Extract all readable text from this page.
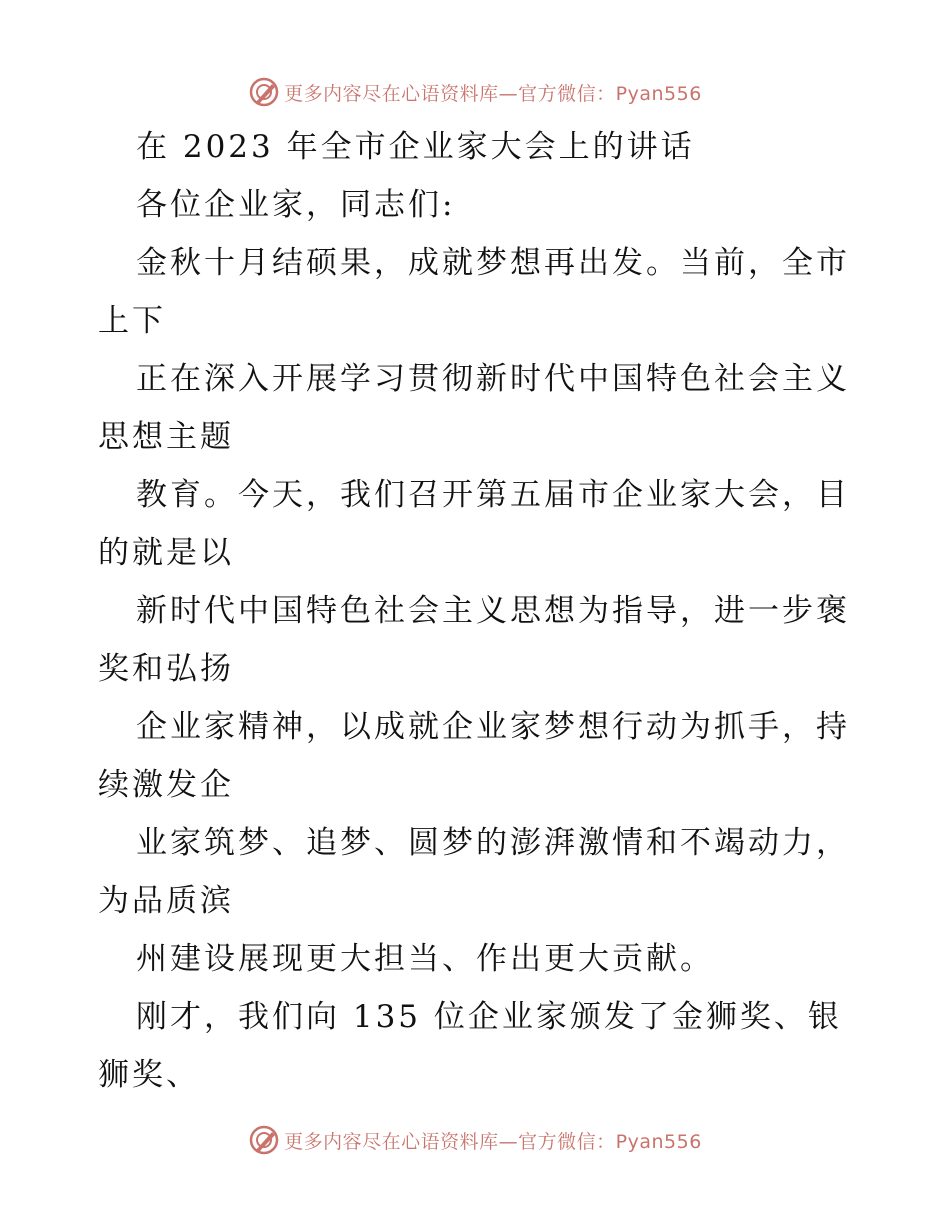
更多内容尽在心语资料库—官方微信：Pyan556

在 2023 年全市企业家大会上的讲话

各位企业家，同志们:

金秋十月结硕果，成就梦想再出发。当前，全市
上下

正在深入开展学习贯彻新时代中国特色社会主义
思想主题

教育。今天，我们召开第五届市企业家大会，目
的就是以

新时代中国特色社会主义思想为指导，进一步褒
奖和弘扬

企业家精神，以成就企业家梦想行动为抓手，持
续激发企

业家筑梦、追梦、圆梦的澎湃激情和不竭动力，
为品质滨

州建设展现更大担当、作出更大贡献。

刚才，我们向 135 位企业家颁发了金狮奖、银
狮奖、

更多内容尽在心语资料库—官方微信：Pyan556
